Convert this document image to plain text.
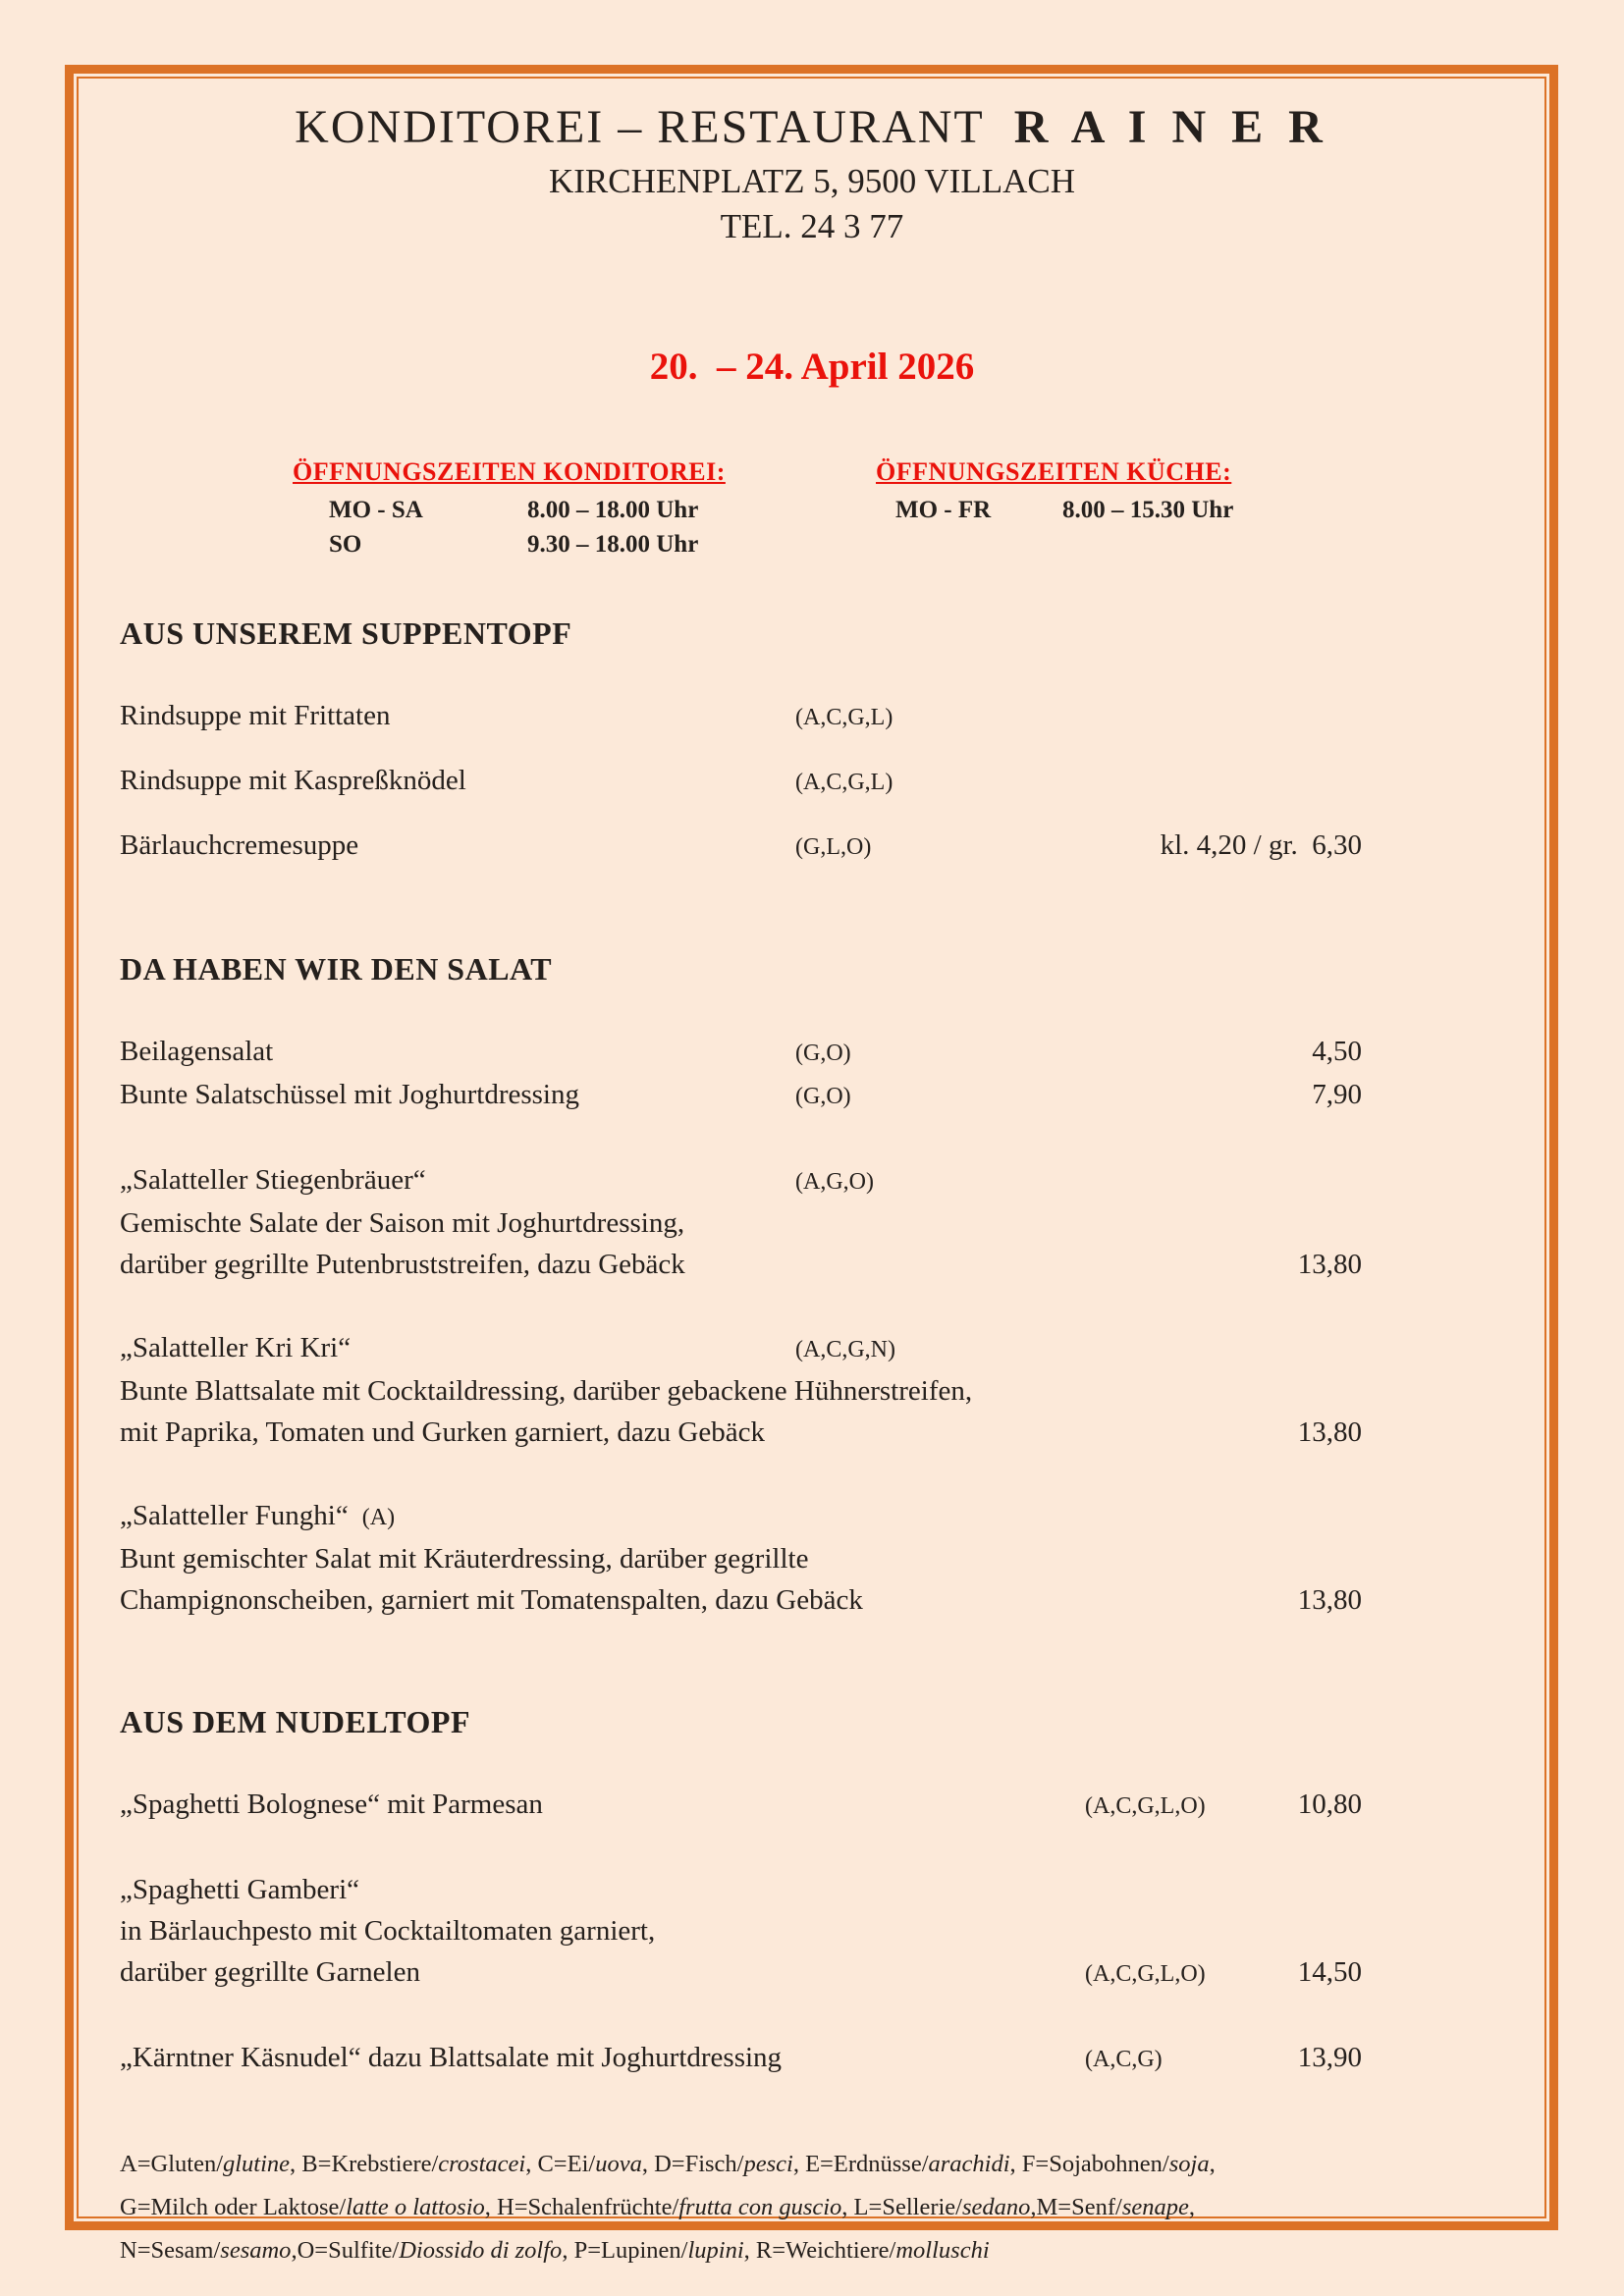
KONDITOREI – RESTAURANT R A I N E R
KIRCHENPLATZ 5, 9500 VILLACH
TEL. 24 3 77
20.  – 24. April 2026
ÖFFNUNGSZEITEN KONDITOREI:
MO - SA	8.00 – 18.00 Uhr
SO	9.30 – 18.00 Uhr
ÖFFNUNGSZEITEN KÜCHE:
MO - FR	8.00 – 15.30 Uhr
AUS UNSEREM SUPPENTOPF
Rindsuppe mit Frittaten	(A,C,G,L)
Rindsuppe mit Kaspreßknödel	(A,C,G,L)
Bärlauchcremesuppe	(G,L,O)	kl. 4,20 / gr.  6,30
DA HABEN WIR DEN SALAT
Beilagensalat	(G,O)	4,50
Bunte Salatschüssel mit Joghurtdressing	(G,O)	7,90
„Salatteller Stiegenbräuer“	(A,G,O)
Gemischte Salate der Saison mit Joghurtdressing,
darüber gegrillte Putenbruststreifen, dazu Gebäck	13,80
„Salatteller Kri Kri“	(A,C,G,N)
Bunte Blattsalate mit Cocktaildressing, darüber gebackene Hühnerstreifen,
mit Paprika, Tomaten und Gurken garniert, dazu Gebäck	13,80
„Salatteller Funghi“ (A)
Bunt gemischter Salat mit Kräuterdressing, darüber gegrillte
Champignonscheiben, garniert mit Tomatenspalten, dazu Gebäck	13,80
AUS DEM NUDELTOPF
„Spaghetti Bolognese“ mit Parmesan	(A,C,G,L,O)	10,80
„Spaghetti Gamberi“
in Bärlauchpesto mit Cocktailtomaten garniert,
darüber gegrillte Garnelen	(A,C,G,L,O)	14,50
„Kärntner Käsnudel“ dazu Blattsalate mit Joghurtdressing	(A,C,G)	13,90
A=Gluten/glutine, B=Krebstiere/crostacei, C=Ei/uova, D=Fisch/pesci, E=Erdnüsse/arachidi, F=Sojabohnen/soja,
G=Milch oder Laktose/latte o lattosio, H=Schalenfrüchte/frutta con guscio, L=Sellerie/sedano,M=Senf/senape,
N=Sesam/sesamo,O=Sulfite/Diossido di zolfo, P=Lupinen/lupini, R=Weichtiere/molluschi
